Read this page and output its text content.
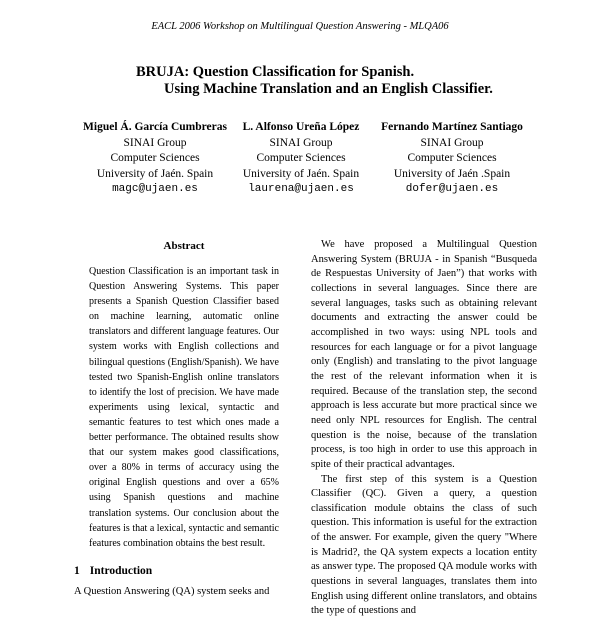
EACL 2006 Workshop on Multilingual Question Answering - MLQA06
BRUJA: Question Classification for Spanish.
Using Machine Translation and an English Classifier.
Miguel Á. García Cumbreras
SINAI Group
Computer Sciences
University of Jaén. Spain
magc@ujaen.es
L. Alfonso Ureña López
SINAI Group
Computer Sciences
University of Jaén. Spain
laurena@ujaen.es
Fernando Martínez Santiago
SINAI Group
Computer Sciences
University of Jaén .Spain
dofer@ujaen.es
Abstract

Question Classification is an important task in Question Answering Systems. This paper presents a Spanish Question Classifier based on machine learning, automatic online translators and different language features. Our system works with English collections and bilingual questions (English/Spanish). We have tested two Spanish-English online translators to identify the lost of precision. We have made experiments using lexical, syntactic and semantic features to test which ones made a better performance. The obtained results show that our system makes good classifications, over a 80% in terms of accuracy using the original English questions and over a 65% using Spanish questions and machine translation systems. Our conclusion about the features is that a lexical, syntactic and semantic features combination obtains the best result.

1 Introduction

A Question Answering (QA) system seeks and

We have proposed a Multilingual Question Answering System (BRUJA - in Spanish “Busqueda de Respuestas University of Jaen”) that works with collections in several languages. Since there are several languages, tasks such as obtaining relevant documents and extracting the answer could be accomplished in two ways: using NPL tools and resources for each language or for a pivot language only (English) and translating to the pivot language the rest of the relevant information when it is required. Because of the translation step, the second approach is less accurate but more practical since we need only NPL resources for English. The central question is the noise, because of the translation process, is too high in order to use this approach in spite of their practical advantages.

The first step of this system is a Question Classifier (QC). Given a query, a question classification module obtains the class of such question. This information is useful for the extraction of the answer. For example, given the query "Where is Madrid?, the QA system expects a location entity as answer type. The proposed QA module works with questions in several languages, translates them into English using different online translators, and obtains the type of questions and
